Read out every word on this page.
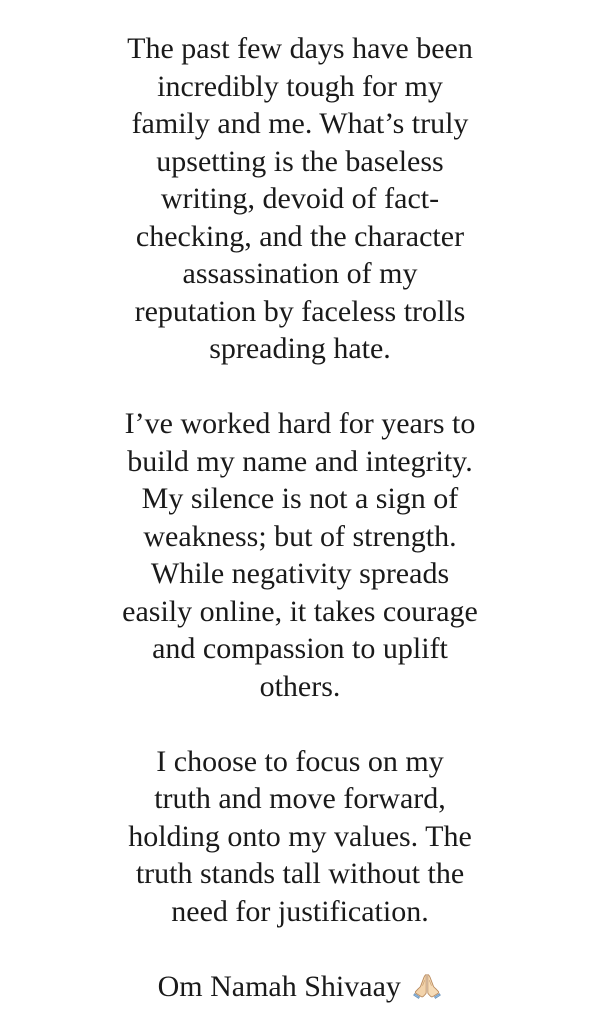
The past few days have been
incredibly tough for my
family and me. What’s truly
upsetting is the baseless
writing, devoid of fact-
checking, and the character
assassination of my
reputation by faceless trolls
spreading hate.

I’ve worked hard for years to
build my name and integrity.
My silence is not a sign of
weakness; but of strength.
While negativity spreads
easily online, it takes courage
and compassion to uplift
others.

I choose to focus on my
truth and move forward,
holding onto my values. The
truth stands tall without the
need for justification.

Om Namah Shivaay
